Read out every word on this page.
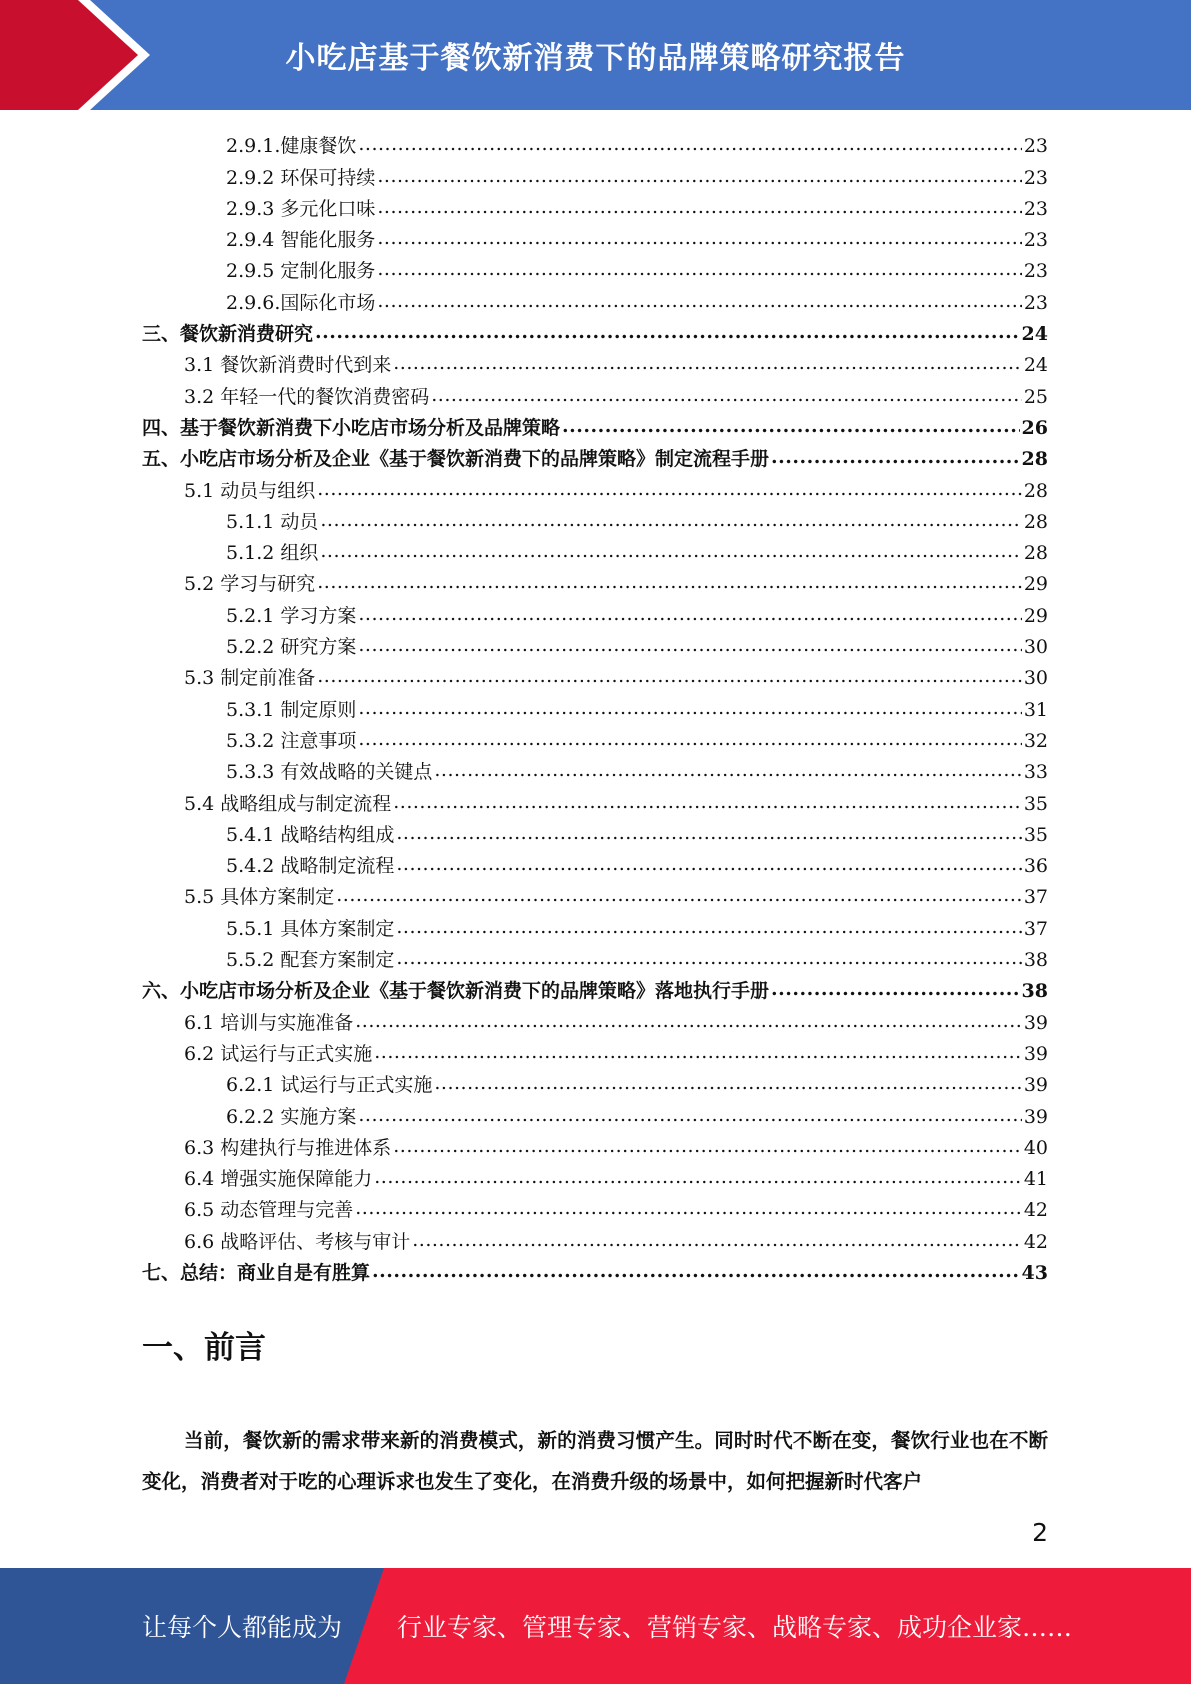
小吃店基于餐饮新消费下的品牌策略研究报告
2.9.1.健康餐饮 .....	23
2.9.2 环保可持续 .....	23
2.9.3 多元化口味 .....	23
2.9.4 智能化服务 .....	23
2.9.5 定制化服务 .....	23
2.9.6.国际化市场 .....	23
三、餐饮新消费研究 .....	24
3.1 餐饮新消费时代到来 .....	24
3.2 年轻一代的餐饮消费密码 .....	25
四、基于餐饮新消费下小吃店市场分析及品牌策略 .....	26
五、小吃店市场分析及企业《基于餐饮新消费下的品牌策略》制定流程手册 .....	28
5.1 动员与组织 .....	28
5.1.1 动员 .....	28
5.1.2 组织 .....	28
5.2 学习与研究 .....	29
5.2.1 学习方案 .....	29
5.2.2 研究方案 .....	30
5.3 制定前准备 .....	30
5.3.1 制定原则 .....	31
5.3.2 注意事项 .....	32
5.3.3 有效战略的关键点 .....	33
5.4 战略组成与制定流程 .....	35
5.4.1 战略结构组成 .....	35
5.4.2 战略制定流程 .....	36
5.5 具体方案制定 .....	37
5.5.1 具体方案制定 .....	37
5.5.2 配套方案制定 .....	38
六、小吃店市场分析及企业《基于餐饮新消费下的品牌策略》落地执行手册 .....	38
6.1 培训与实施准备 .....	39
6.2 试运行与正式实施 .....	39
6.2.1 试运行与正式实施 .....	39
6.2.2 实施方案 .....	39
6.3 构建执行与推进体系 .....	40
6.4 增强实施保障能力 .....	41
6.5 动态管理与完善 .....	42
6.6 战略评估、考核与审计 .....	42
七、总结：商业自是有胜算 .....	43
一、前言
当前，餐饮新的需求带来新的消费模式，新的消费习惯产生。同时时代不断在变，餐饮行业也在不断变化，消费者对于吃的心理诉求也发生了变化，在消费升级的场景中，如何把握新时代客户
2
让每个人都能成为 行业专家、管理专家、营销专家、战略专家、成功企业家……
